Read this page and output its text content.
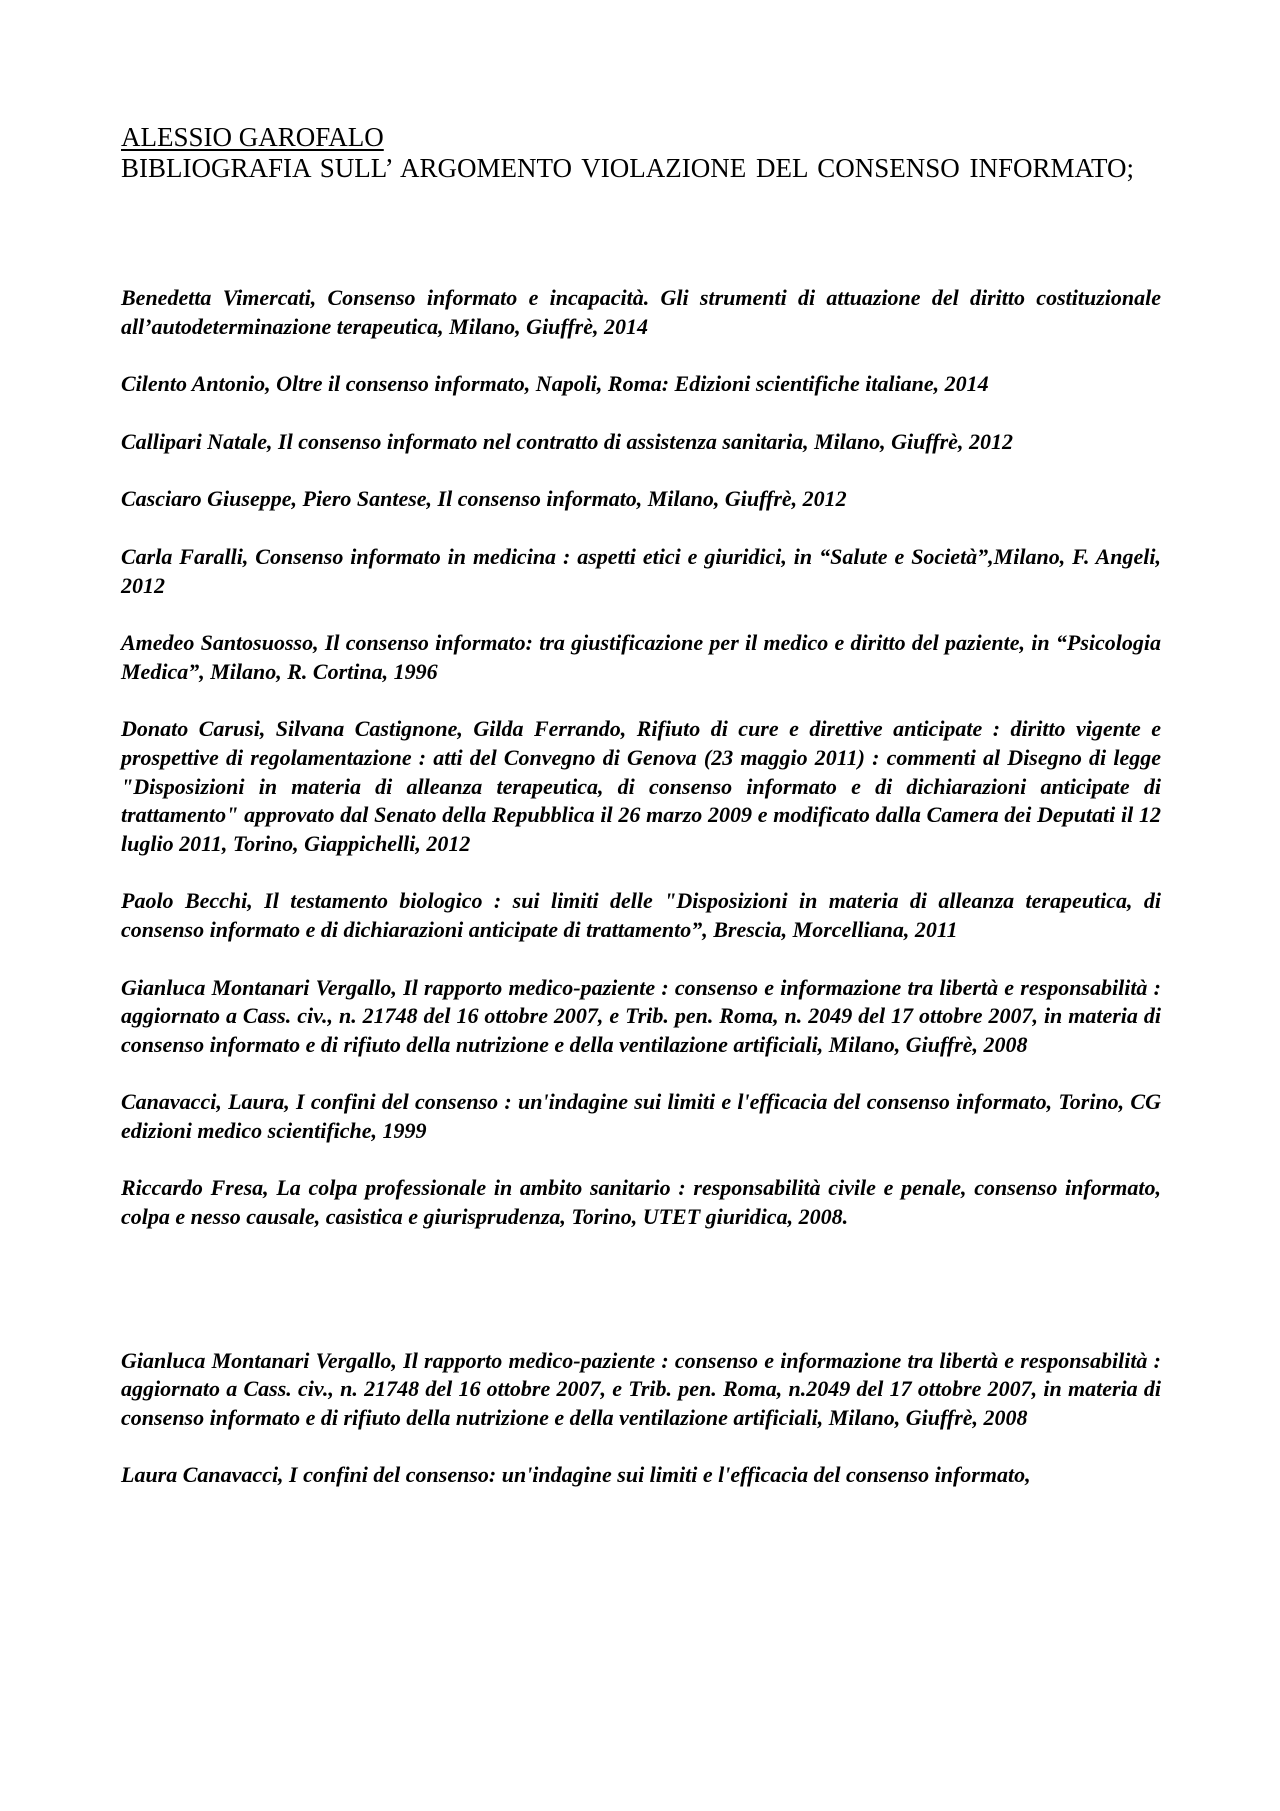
ALESSIO GAROFALO
BIBLIOGRAFIA SULL’ ARGOMENTO VIOLAZIONE DEL CONSENSO INFORMATO;

Benedetta Vimercati, Consenso informato e incapacità. Gli strumenti di attuazione del diritto costituzionale all’autodeterminazione terapeutica, Milano, Giuffrè, 2014

Cilento Antonio, Oltre il consenso informato, Napoli, Roma: Edizioni scientifiche italiane, 2014

Callipari Natale, Il consenso informato nel contratto di assistenza sanitaria, Milano, Giuffrè, 2012

Casciaro Giuseppe, Piero Santese, Il consenso informato, Milano, Giuffrè, 2012

Carla Faralli, Consenso informato in medicina : aspetti etici e giuridici, in “Salute e Società”,Milano, F. Angeli, 2012

Amedeo Santosuosso, Il consenso informato: tra giustificazione per il medico e diritto del paziente, in “Psicologia Medica”, Milano, R. Cortina, 1996

Donato Carusi, Silvana Castignone, Gilda Ferrando, Rifiuto di cure e direttive anticipate : diritto vigente e prospettive di regolamentazione : atti del Convegno di Genova (23 maggio 2011) : commenti al Disegno di legge "Disposizioni in materia di alleanza terapeutica, di consenso informato e di dichiarazioni anticipate di trattamento" approvato dal Senato della Repubblica il 26 marzo 2009 e modificato dalla Camera dei Deputati il 12 luglio 2011, Torino, Giappichelli, 2012

Paolo Becchi, Il testamento biologico : sui limiti delle "Disposizioni in materia di alleanza terapeutica, di consenso informato e di dichiarazioni anticipate di trattamento”, Brescia, Morcelliana, 2011

Gianluca Montanari Vergallo, Il rapporto medico-paziente : consenso e informazione tra libertà e responsabilità : aggiornato a Cass. civ., n. 21748 del 16 ottobre 2007, e Trib. pen. Roma, n. 2049 del 17 ottobre 2007, in materia di consenso informato e di rifiuto della nutrizione e della ventilazione artificiali, Milano, Giuffrè, 2008

Canavacci, Laura, I confini del consenso : un'indagine sui limiti e l'efficacia del consenso informato, Torino, CG edizioni medico scientifiche, 1999

Riccardo Fresa, La colpa professionale in ambito sanitario : responsabilità civile e penale, consenso informato, colpa e nesso causale, casistica e giurisprudenza, Torino, UTET giuridica, 2008.

Gianluca Montanari Vergallo, Il rapporto medico-paziente : consenso e informazione tra libertà e responsabilità : aggiornato a Cass. civ., n. 21748 del 16 ottobre 2007, e Trib. pen. Roma, n.2049 del 17 ottobre 2007, in materia di consenso informato e di rifiuto della nutrizione e della ventilazione artificiali, Milano, Giuffrè, 2008

Laura Canavacci, I confini del consenso: un'indagine sui limiti e l'efficacia del consenso informato,
